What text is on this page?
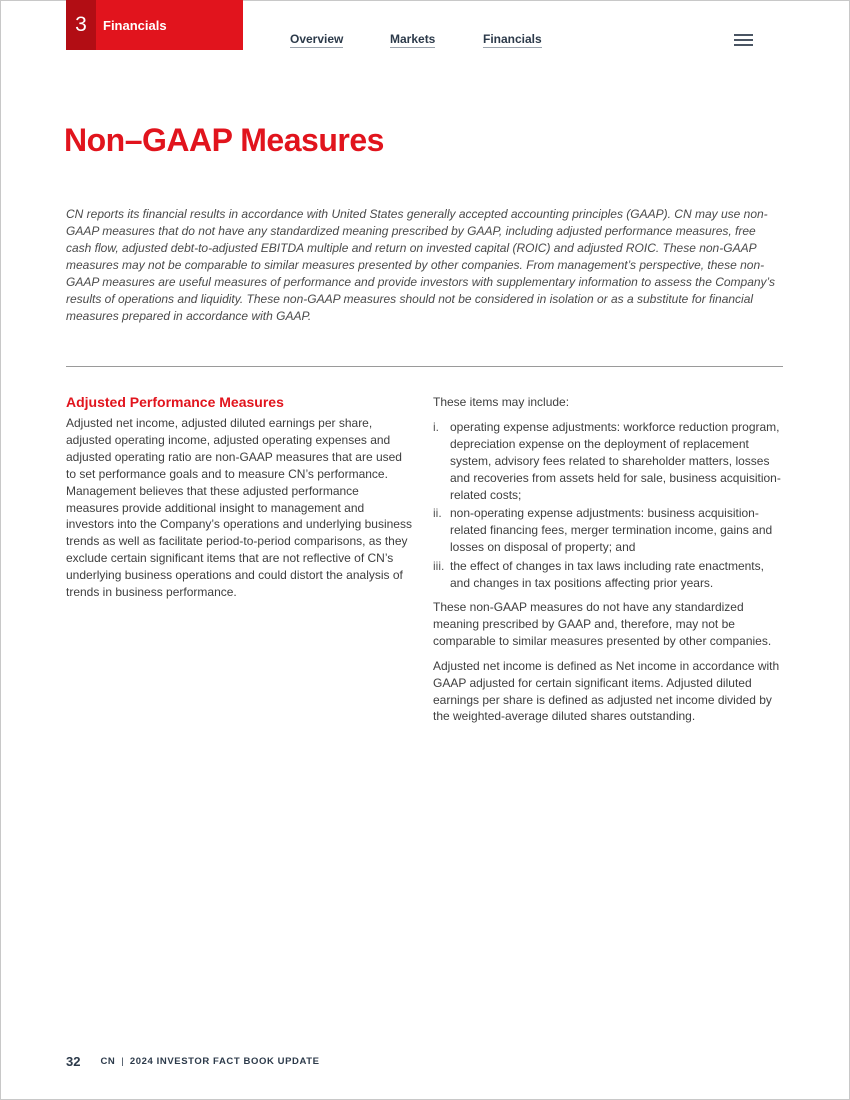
3	Financials
Overview	Markets	Financials
Non–GAAP Measures

CN reports its financial results in accordance with United States generally accepted accounting principles (GAAP). CN may use non-GAAP measures that do not have any standardized meaning prescribed by GAAP, including adjusted performance measures, free cash flow, adjusted debt-to-adjusted EBITDA multiple and return on invested capital (ROIC) and adjusted ROIC. These non-GAAP measures may not be comparable to similar measures presented by other companies. From management’s perspective, these non-GAAP measures are useful measures of performance and provide investors with supplementary information to assess the Company’s results of operations and liquidity. These non-GAAP measures should not be considered in isolation or as a substitute for financial measures prepared in accordance with GAAP.

Adjusted Performance Measures

Adjusted net income, adjusted diluted earnings per share, adjusted operating income, adjusted operating expenses and adjusted operating ratio are non-GAAP measures that are used to set performance goals and to measure CN’s performance. Management believes that these adjusted performance measures provide additional insight to management and investors into the Company’s operations and underlying business trends as well as facilitate period-to-period comparisons, as they exclude certain significant items that are not reflective of CN’s underlying business operations and could distort the analysis of trends in business performance.

These items may include:

i. operating expense adjustments: workforce reduction program, depreciation expense on the deployment of replacement system, advisory fees related to shareholder matters, losses and recoveries from assets held for sale, business acquisition-related costs;
ii. non-operating expense adjustments: business acquisition-related financing fees, merger termination income, gains and losses on disposal of property; and
iii. the effect of changes in tax laws including rate enactments, and changes in tax positions affecting prior years.

These non-GAAP measures do not have any standardized meaning prescribed by GAAP and, therefore, may not be comparable to similar measures presented by other companies.

Adjusted net income is defined as Net income in accordance with GAAP adjusted for certain significant items. Adjusted diluted earnings per share is defined as adjusted net income divided by the weighted-average diluted shares outstanding.

32 CN | 2024 INVESTOR FACT BOOK UPDATE
